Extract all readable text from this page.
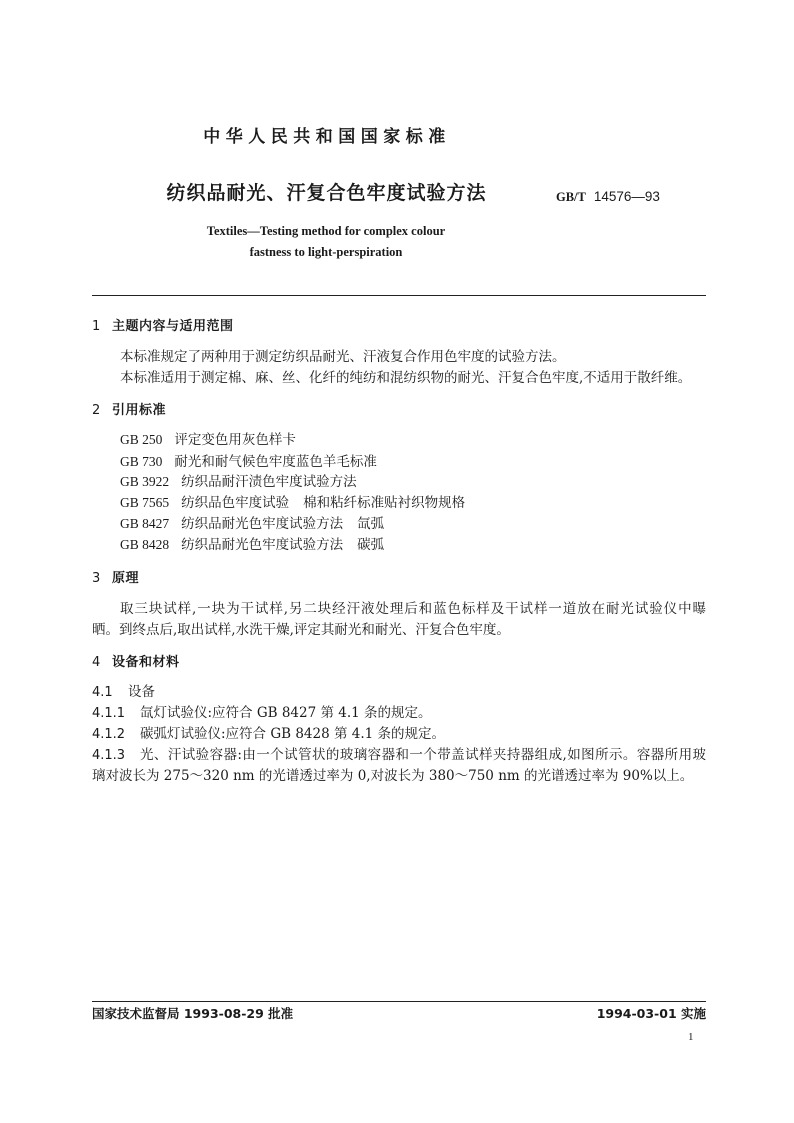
中华人民共和国国家标准
纺织品耐光、汗复合色牢度试验方法	GB/T 14576—93
Textiles—Testing method for complex colour
fastness to light-perspiration
1 主题内容与适用范围
本标准规定了两种用于测定纺织品耐光、汗液复合作用色牢度的试验方法。
本标准适用于测定棉、麻、丝、化纤的纯纺和混纺织物的耐光、汗复合色牢度,不适用于散纤维。
2 引用标准
GB 250 评定变色用灰色样卡
GB 730 耐光和耐气候色牢度蓝色羊毛标准
GB 3922 纺织品耐汗渍色牢度试验方法
GB 7565 纺织品色牢度试验 棉和粘纤标准贴衬织物规格
GB 8427 纺织品耐光色牢度试验方法 氙弧
GB 8428 纺织品耐光色牢度试验方法 碳弧
3 原理
取三块试样,一块为干试样,另二块经汗液处理后和蓝色标样及干试样一道放在耐光试验仪中曝
晒。到终点后,取出试样,水洗干燥,评定其耐光和耐光、汗复合色牢度。
4 设备和材料
4.1 设备
4.1.1 氙灯试验仪:应符合 GB 8427 第 4.1 条的规定。
4.1.2 碳弧灯试验仪:应符合 GB 8428 第 4.1 条的规定。
4.1.3 光、汗试验容器:由一个试管状的玻璃容器和一个带盖试样夹持器组成,如图所示。容器所用玻
璃对波长为 275～320 nm 的光谱透过率为 0,对波长为 380～750 nm 的光谱透过率为 90%以上。
国家技术监督局 1993-08-29 批准	1994-03-01 实施
1
